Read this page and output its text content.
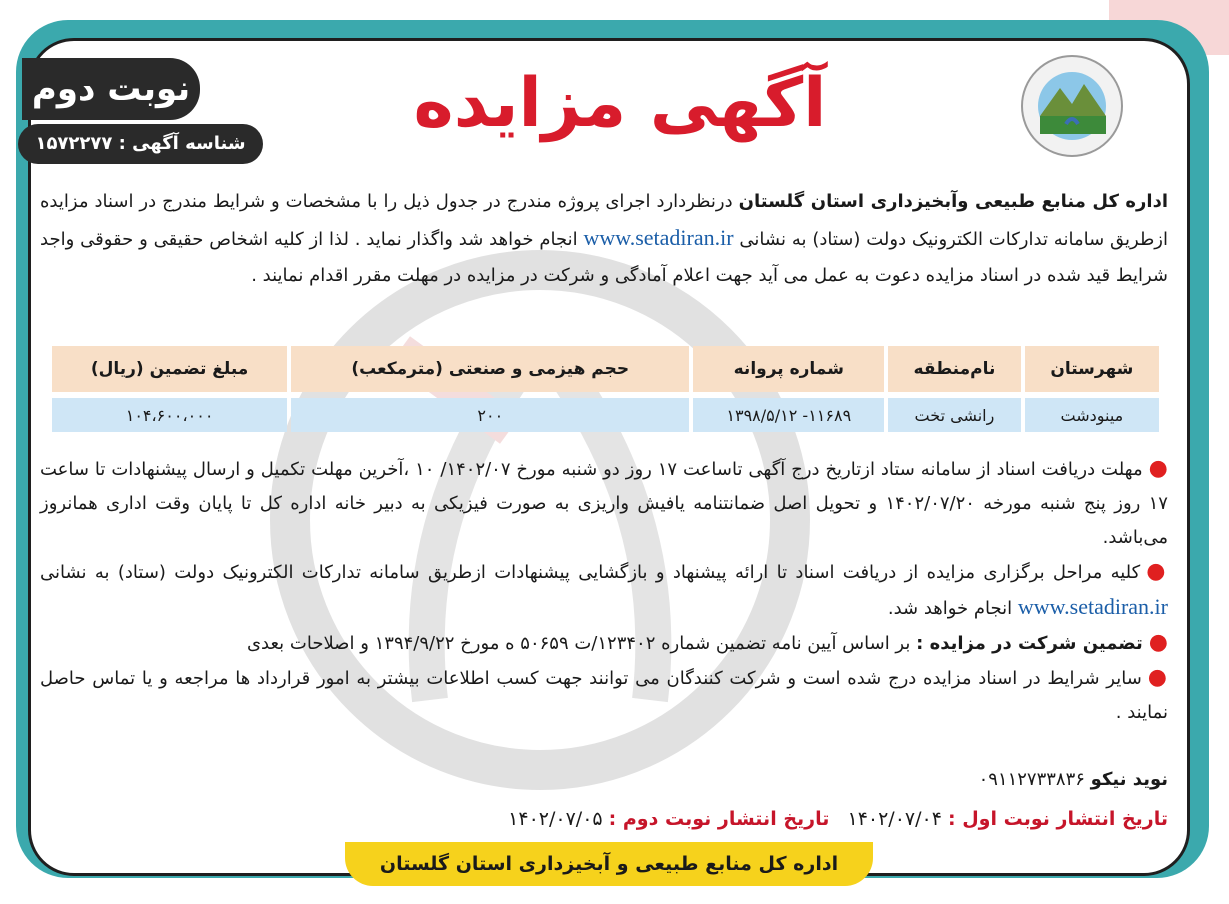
آگهی مزایده
نوبت دوم
شناسه آگهی : ۱۵۷۲۲۷۷
اداره کل منابع طبیعی وآبخیزداری استان گلستان درنظردارد اجرای پروژه مندرج در جدول ذیل را با مشخصات و شرایط مندرج در اسناد مزایده ازطریق سامانه تدارکات الکترونیک دولت (ستاد) به نشانی www.setadiran.ir انجام خواهد شد واگذار نماید . لذا از کلیه اشخاص حقیقی و حقوقی واجد شرایط قید شده در اسناد مزایده دعوت به عمل می آید جهت اعلام آمادگی و شرکت در مزایده در مهلت مقرر اقدام نمایند .
شهرستان	نام‌منطقه	شماره پروانه	حجم هیزمی و صنعتی (مترمکعب)	مبلغ تضمین (ریال)
مینودشت	رانشی تخت	۱۱۶۸۹- ۱۳۹۸/۵/۱۲	۲۰۰	۱۰۴،۶۰۰،۰۰۰

●مهلت دریافت اسناد از سامانه ستاد ازتاریخ درج آگهی تاساعت ۱۷ روز دو شنبه مورخ ۱۴۰۲/۰۷/ ۱۰ ،آخرین مهلت تکمیل و ارسال پیشنهادات تا ساعت ۱۷ روز پنج شنبه مورخه ۱۴۰۲/۰۷/۲۰ و تحویل اصل ضمانتنامه یافیش واریزی به صورت فیزیکی به دبیر خانه اداره کل تا پایان وقت اداری همانروز می‌باشد.

●کلیه مراحل برگزاری مزایده از دریافت اسناد تا ارائه پیشنهاد و بازگشایی پیشنهادات ازطریق سامانه تدارکات الکترونیک دولت (ستاد) به نشانی www.setadiran.ir انجام خواهد شد.

●تضمین شرکت در مزایده : بر اساس آیین نامه تضمین شماره ۱۲۳۴۰۲/ت ۵۰۶۵۹ ه مورخ ۱۳۹۴/۹/۲۲ و اصلاحات بعدی

●سایر شرایط در اسناد مزایده درج شده است و شرکت کنندگان می توانند جهت کسب اطلاعات بیشتر به امور قرارداد ها مراجعه و یا تماس حاصل نمایند .

نوید نیکو ۰۹۱۱۲۷۳۳۸۳۶
تاریخ انتشار نوبت اول : ۱۴۰۲/۰۷/۰۴   تاریخ انتشار نوبت دوم : ۱۴۰۲/۰۷/۰۵
اداره کل منابع طبیعی و آبخیزداری استان گلستان
